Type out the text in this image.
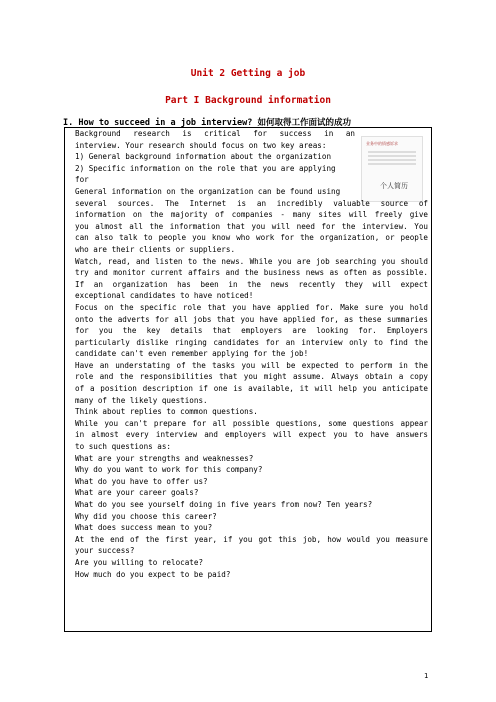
Unit 2 Getting a job
Part I Background information
I. How to succeed in a job interview? 如何取得工作面试的成功
业务中的情感诉求
个人简历
Background research is critical for success in an
interview. Your research should focus on two key areas:
1) General background information about the organization
2) Specific information on the role that you are applying
for
General information on the organization can be found using
several sources. The Internet is an incredibly valuable source of
information on the majority of companies - many sites will freely give
you almost all the information that you will need for the interview. You
can also talk to people you know who work for the organization, or people
who are their clients or suppliers.
Watch, read, and listen to the news. While you are job searching you should
try and monitor current affairs and the business news as often as possible.
If an organization has been in the news recently they will expect
exceptional candidates to have noticed!
Focus on the specific role that you have applied for. Make sure you hold
onto the adverts for all jobs that you have applied for, as these summaries
for you the key details that employers are looking for. Employers
particularly dislike ringing candidates for an interview only to find the
candidate can't even remember applying for the job!
Have an understating of the tasks you will be expected to perform in the
role and the responsibilities that you might assume. Always obtain a copy
of a position description if one is available, it will help you anticipate
many of the likely questions.
Think about replies to common questions.
While you can't prepare for all possible questions, some questions appear
in almost every interview and employers will expect you to have answers
to such questions as:
What are your strengths and weaknesses?
Why do you want to work for this company?
What do you have to offer us?
What are your career goals?
What do you see yourself doing in five years from now? Ten years?
Why did you choose this career?
What does success mean to you?
At the end of the first year, if you got this job, how would you measure
your success?
Are you willing to relocate?
How much do you expect to be paid?
1
